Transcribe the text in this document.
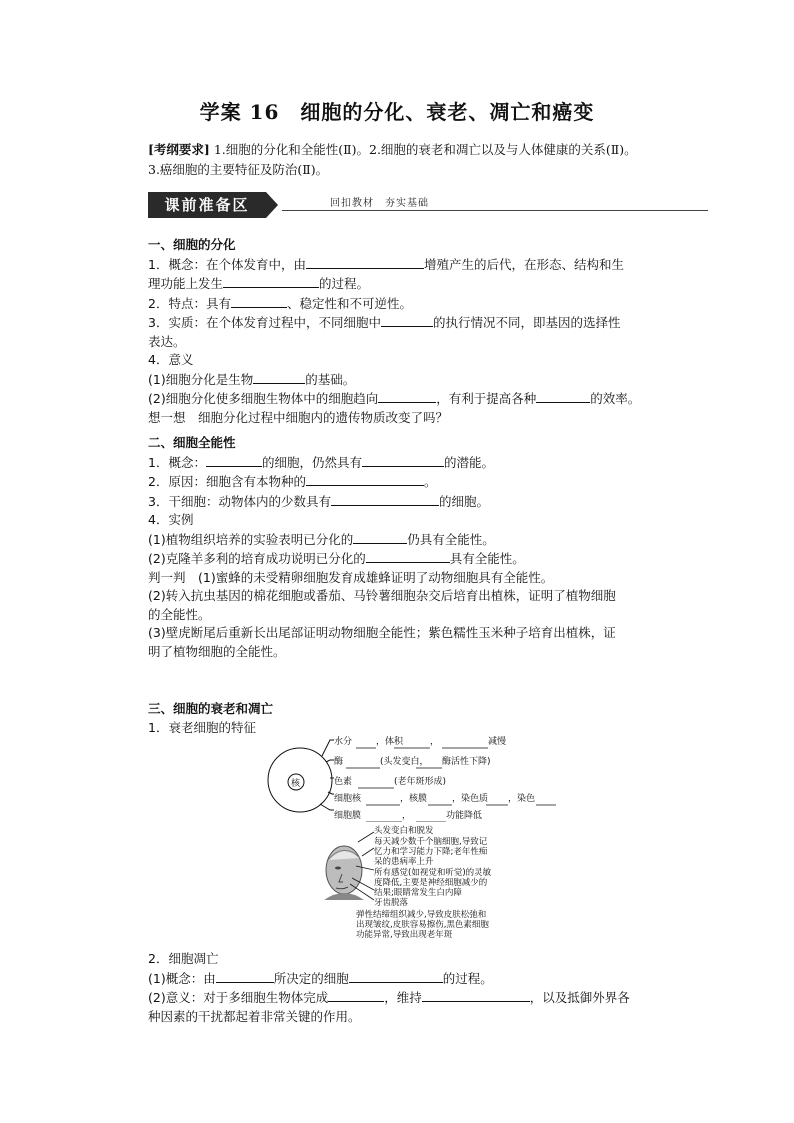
学案 16　细胞的分化、衰老、凋亡和癌变
[考纲要求] 1.细胞的分化和全能性(Ⅱ)。2.细胞的衰老和凋亡以及与人体健康的关系(Ⅱ)。
3.癌细胞的主要特征及防治(Ⅱ)。
课前准备区	回扣教材　夯实基础

一、细胞的分化

1．概念：在个体发育中，由	增殖产生的后代，在形态、结构和生

理功能上发生	的过程。

2．特点：具有	、稳定性和不可逆性。

3．实质：在个体发育过程中，不同细胞中	的执行情况不同，即基因的选择性

表达。

4．意义

(1)细胞分化是生物	的基础。

(2)细胞分化使多细胞生物体中的细胞趋向	，有利于提高各种	的效率。

想一想　细胞分化过程中细胞内的遗传物质改变了吗？

二、细胞全能性

1．概念：	的细胞，仍然具有	的潜能。

2．原因：细胞含有本物种的	。

3．干细胞：动物体内的少数具有	的细胞。

4．实例

(1)植物组织培养的实验表明已分化的	仍具有全能性。

(2)克隆羊多利的培育成功说明已分化的	具有全能性。

判一判　(1)蜜蜂的未受精卵细胞发育成雄蜂证明了动物细胞具有全能性。

(2)转入抗虫基因的棉花细胞或番茄、马铃薯细胞杂交后培育出植株，证明了植物细胞

的全能性。

(3)壁虎断尾后重新长出尾部证明动物细胞全能性；紫色糯性玉米种子培育出植株，证

明了植物细胞的全能性。

三、细胞的衰老和凋亡

1．衰老细胞的特征

核
水分	，体积	，	减慢
酶	(头发变白， 酶活性下降)
色素	(老年斑形成)
细胞核	，核膜	，染色质 ，染色
细胞膜	，	功能降低
头发变白和脱发
每天减少数千个脑细胞,导致记
忆力和学习能力下降;老年性痴
呆的患病率上升
所有感觉(如视觉和听觉)的灵敏
度降低,主要是神经细胞减少的
结果;眼睛常发生白内障
牙齿脱落
弹性结缔组织减少,导致皮肤松弛和
出现皱纹,皮肤容易擦伤,黑色素细胞
功能异常,导致出现老年斑

2．细胞凋亡

(1)概念：由	所决定的细胞	的过程。

(2)意义：对于多细胞生物体完成	，维持	，以及抵御外界各

种因素的干扰都起着非常关键的作用。
